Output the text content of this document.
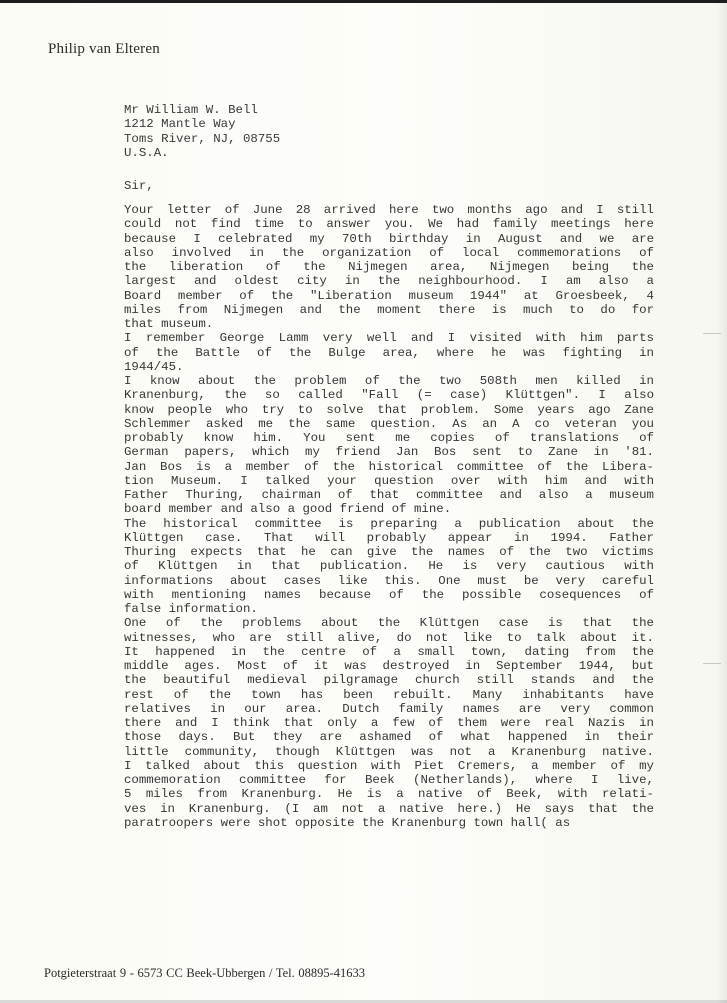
Philip van Elteren
Mr William W. Bell
1212 Mantle Way
Toms River, NJ, 08755
U.S.A.
Sir,
Your letter of June 28 arrived here two months ago and I still
could not find time to answer you. We had family meetings here
because I celebrated my 70th birthday in August and we are
also involved in the organization of local commemorations of
the liberation of the Nijmegen area, Nijmegen being the
largest and oldest city in the neighbourhood. I am also a
Board member of the "Liberation museum 1944" at Groesbeek, 4
miles from Nijmegen and the moment there is much to do for
that museum.
I remember George Lamm very well and I visited with him parts
of the Battle of the Bulge area, where he was fighting in
1944/45.
I know about the problem of the two 508th men killed in
Kranenburg, the so called "Fall (= case) Klüttgen". I also
know people who try to solve that problem. Some years ago Zane
Schlemmer asked me the same question. As an A co veteran you
probably know him. You sent me copies of translations of
German papers, which my friend Jan Bos sent to Zane in '81.
Jan Bos is a member of the historical committee of the Libera-
tion Museum. I talked your question over with him and with
Father Thuring, chairman of that committee and also a museum
board member and also a good friend of mine.
The historical committee is preparing a publication about the
Klüttgen case. That will probably appear in 1994. Father
Thuring expects that he can give the names of the two victims
of Klüttgen in that publication. He is very cautious with
informations about cases like this. One must be very careful
with mentioning names because of the possible cosequences of
false information.
One of the problems about the Klüttgen case is that the
witnesses, who are still alive, do not like to talk about it.
It happened in the centre of a small town, dating from the
middle ages. Most of it was destroyed in September 1944, but
the beautiful medieval pilgramage church still stands and the
rest of the town has been rebuilt. Many inhabitants have
relatives in our area. Dutch family names are very common
there and I think that only a few of them were real Nazis in
those days. But they are ashamed of what happened in their
little community, though Klüttgen was not a Kranenburg native.
I talked about this question with Piet Cremers, a member of my
commemoration committee for Beek (Netherlands), where I live,
5 miles from Kranenburg. He is a native of Beek, with relati-
ves in Kranenburg. (I am not a native here.) He says that the
paratroopers were shot opposite the Kranenburg town hall( as
Potgieterstraat 9 - 6573 CC Beek-Ubbergen / Tel. 08895-41633
